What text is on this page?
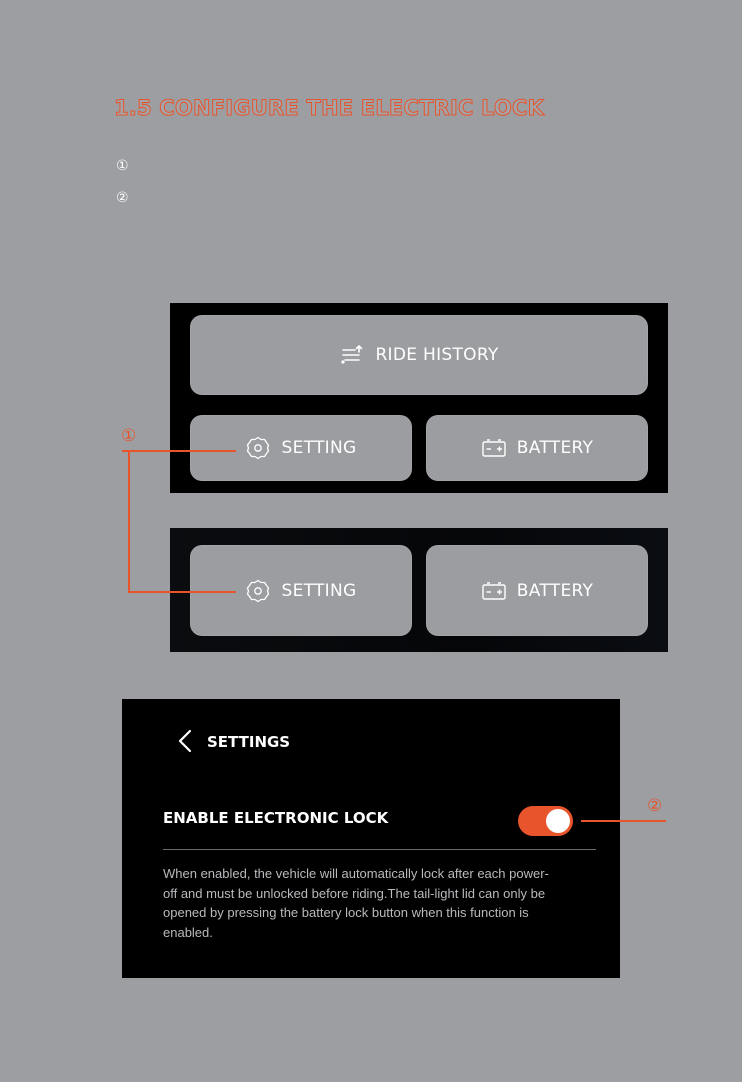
1.5 CONFIGURE THE ELECTRIC LOCK
①
②
RIDE HISTORY
SETTING	BATTERY
SETTING	BATTERY
①
SETTINGS
ENABLE ELECTRONIC LOCK
When enabled, the vehicle will automatically lock after each power-off and must be unlocked before riding.The tail-light lid can only be opened by pressing the battery lock button when this function is enabled.
②
